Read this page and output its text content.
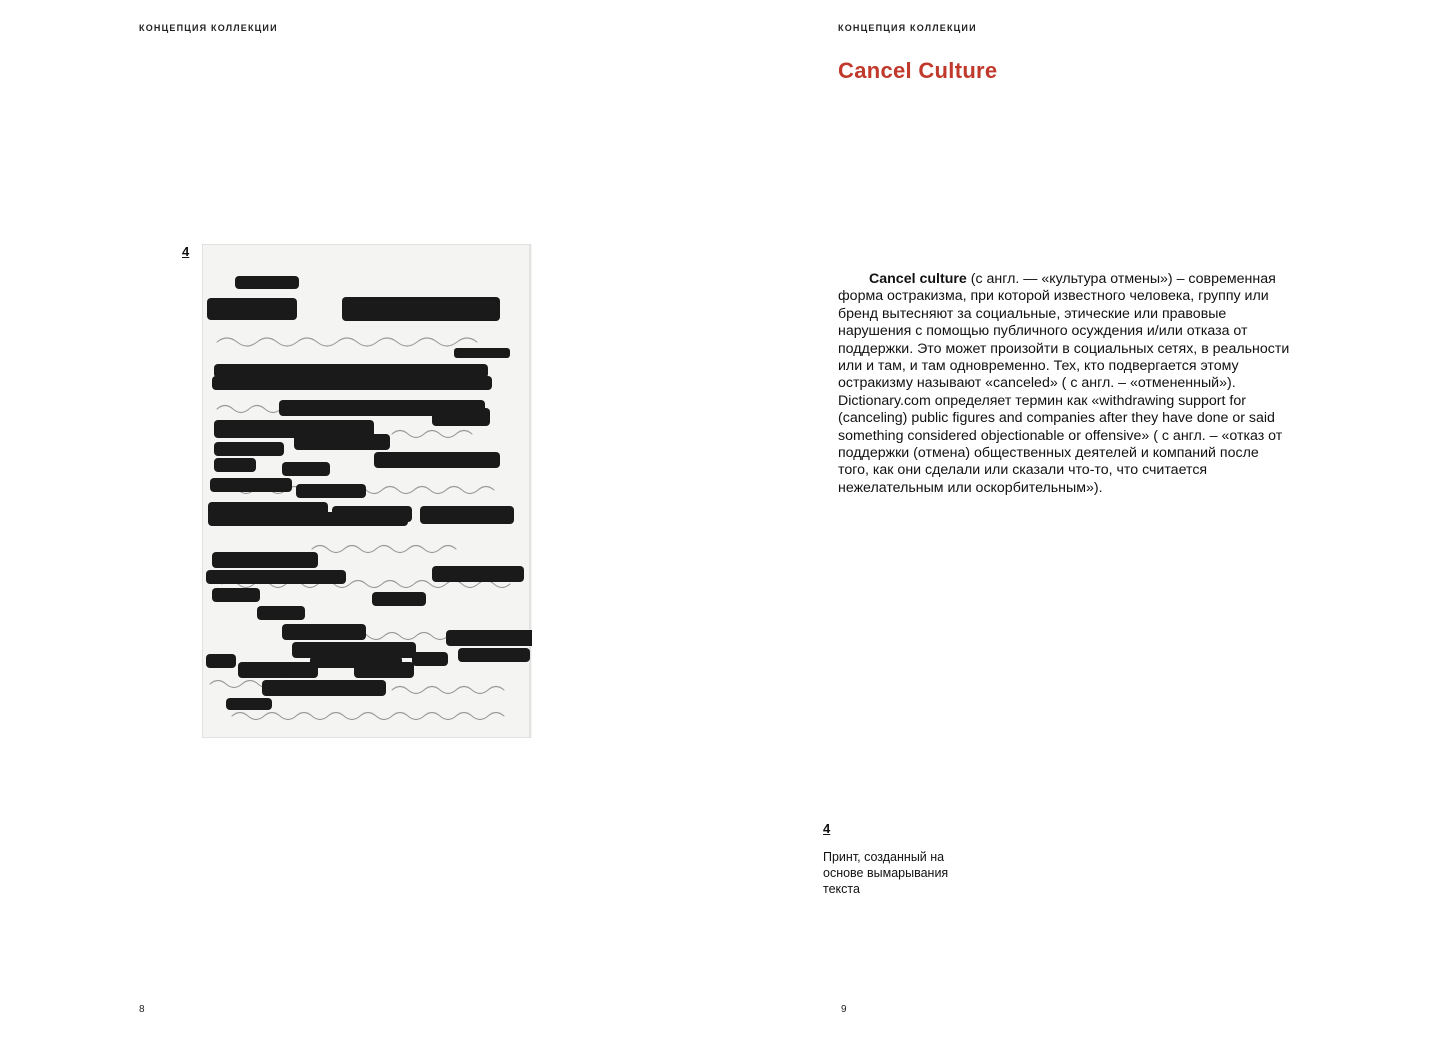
КОНЦЕПЦИЯ КОЛЛЕКЦИИ
4
8
КОНЦЕПЦИЯ КОЛЛЕКЦИИ
Cancel Culture
Cancel culture (с англ. — «культура отмены») – современная форма остракизма, при которой известного человека, группу или бренд вытесняют за социальные, этические или правовые нарушения с помощью публичного осуждения и/или отказа от поддержки. Это может произойти в социальных сетях, в реальности или и там, и там одновременно. Тех, кто подвергается этому остракизму называют «canceled» ( с англ. – «отмененный»). Dictionary.com определяет термин как «withdrawing support for (canceling) public figures and companies after they have done or said something considered objectionable or offensive» ( с англ. – «отказ от поддержки (отмена) общественных деятелей и компаний после того, как они сделали или сказали что-то, что считается нежелательным или оскорбительным»).
4
Принт, созданный на основе вымарывания текста
9
